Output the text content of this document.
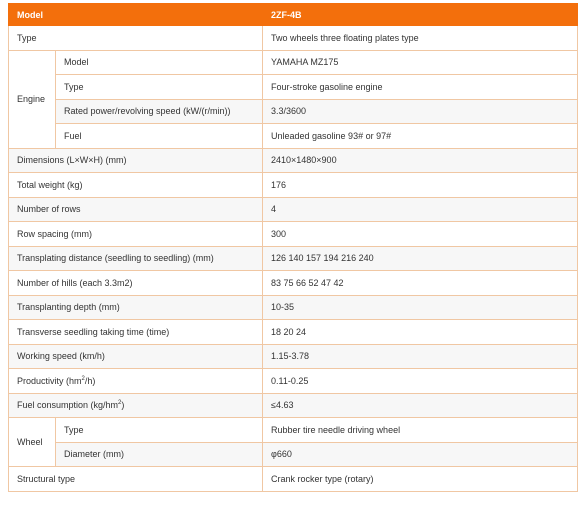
Model		2ZF-4B
Type		Two wheels three floating plates type
Engine	Model	YAMAHA MZ175
	Type	Four-stroke gasoline engine
	Rated power/revolving speed (kW/(r/min))	3.3/3600
	Fuel	Unleaded gasoline 93# or 97#
Dimensions (L×W×H) (mm)		2410×1480×900
Total weight (kg)		176
Number of rows		4
Row spacing (mm)		300
Transplating distance (seedling to seedling) (mm)		126 140 157 194 216 240
Number of hills (each 3.3m2)		83 75 66 52 47 42
Transplanting depth (mm)		10-35
Transverse seedling taking time (time)		18 20 24
Working speed (km/h)		1.15-3.78
Productivity $(hm^2/h)$		0.11-0.25
Fuel consumption $(kg/hm^2)$		≤4.63
Wheel	Type	Rubber tire needle driving wheel
	Diameter (mm)	φ660
Structural type		Crank rocker type (rotary)
